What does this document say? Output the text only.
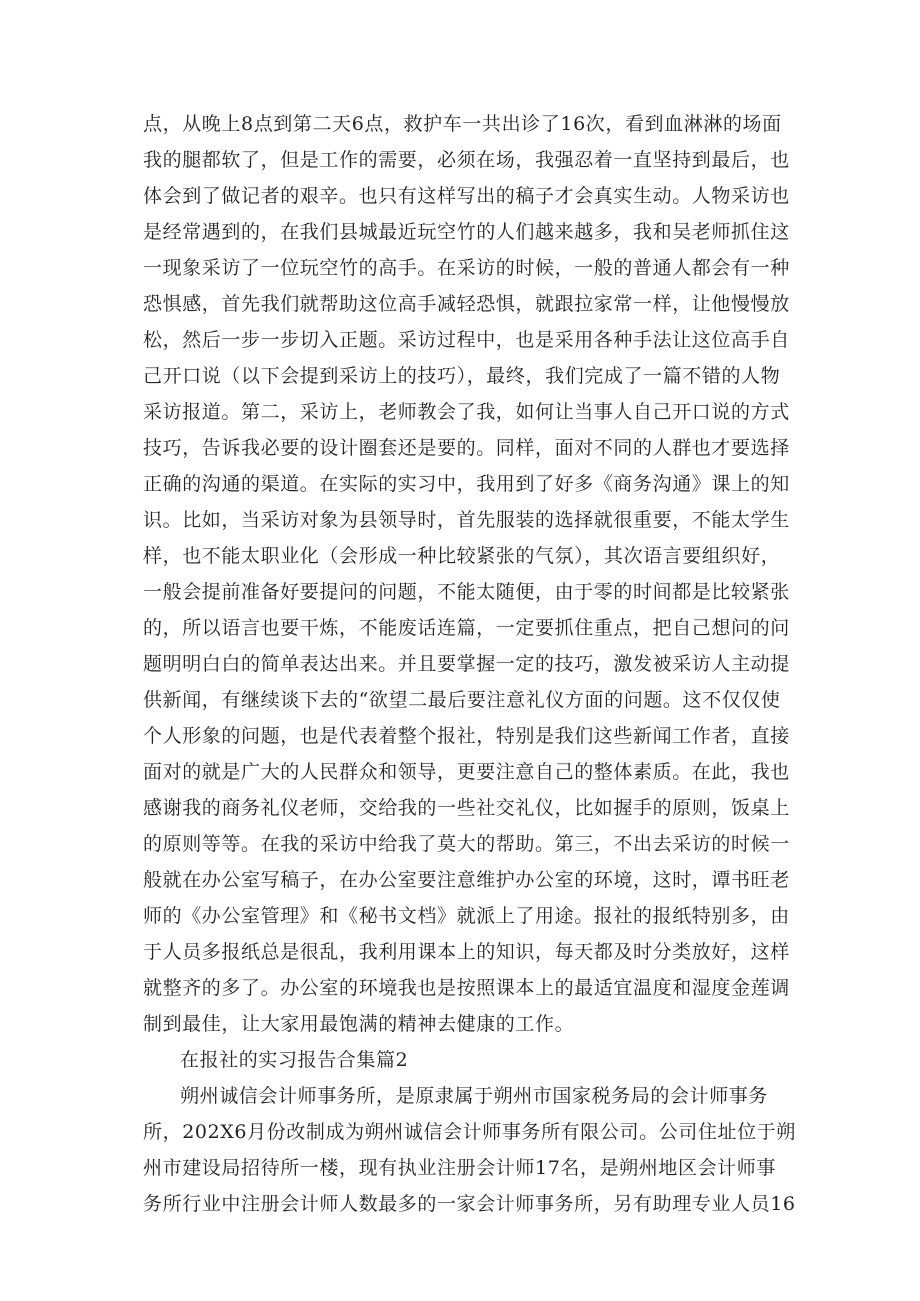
点，从晚上8点到第二天6点，救护车一共出诊了16次，看到血淋淋的场面
我的腿都软了，但是工作的需要，必须在场，我强忍着一直坚持到最后，也
体会到了做记者的艰辛。也只有这样写出的稿子才会真实生动。人物采访也
是经常遇到的，在我们县城最近玩空竹的人们越来越多，我和吴老师抓住这
一现象采访了一位玩空竹的高手。在采访的时候，一般的普通人都会有一种
恐惧感，首先我们就帮助这位高手减轻恐惧，就跟拉家常一样，让他慢慢放
松，然后一步一步切入正题。采访过程中，也是采用各种手法让这位高手自
己开口说（以下会提到采访上的技巧），最终，我们完成了一篇不错的人物
采访报道。第二，采访上，老师教会了我，如何让当事人自己开口说的方式
技巧，告诉我必要的设计圈套还是要的。同样，面对不同的人群也才要选择
正确的沟通的渠道。在实际的实习中，我用到了好多《商务沟通》课上的知
识。比如，当采访对象为县领导时，首先服装的选择就很重要，不能太学生
样，也不能太职业化（会形成一种比较紧张的气氛），其次语言要组织好，
一般会提前准备好要提问的问题，不能太随便，由于零的时间都是比较紧张
的，所以语言也要干炼，不能废话连篇，一定要抓住重点，把自己想问的问
题明明白白的简单表达出来。并且要掌握一定的技巧，激发被采访人主动提
供新闻，有继续谈下去的“欲望二最后要注意礼仪方面的问题。这不仅仅使
个人形象的问题，也是代表着整个报社，特别是我们这些新闻工作者，直接
面对的就是广大的人民群众和领导，更要注意自己的整体素质。在此，我也
感谢我的商务礼仪老师，交给我的一些社交礼仪，比如握手的原则，饭桌上
的原则等等。在我的采访中给我了莫大的帮助。第三，不出去采访的时候一
般就在办公室写稿子，在办公室要注意维护办公室的环境，这时，谭书旺老
师的《办公室管理》和《秘书文档》就派上了用途。报社的报纸特别多，由
于人员多报纸总是很乱，我利用课本上的知识，每天都及时分类放好，这样
就整齐的多了。办公室的环境我也是按照课本上的最适宜温度和湿度金莲调
制到最佳，让大家用最饱满的精神去健康的工作。
在报社的实习报告合集篇2
朔州诚信会计师事务所，是原隶属于朔州市国家税务局的会计师事务
所，202X6月份改制成为朔州诚信会计师事务所有限公司。公司住址位于朔
州市建设局招待所一楼，现有执业注册会计师17名，是朔州地区会计师事
务所行业中注册会计师人数最多的一家会计师事务所，另有助理专业人员16
